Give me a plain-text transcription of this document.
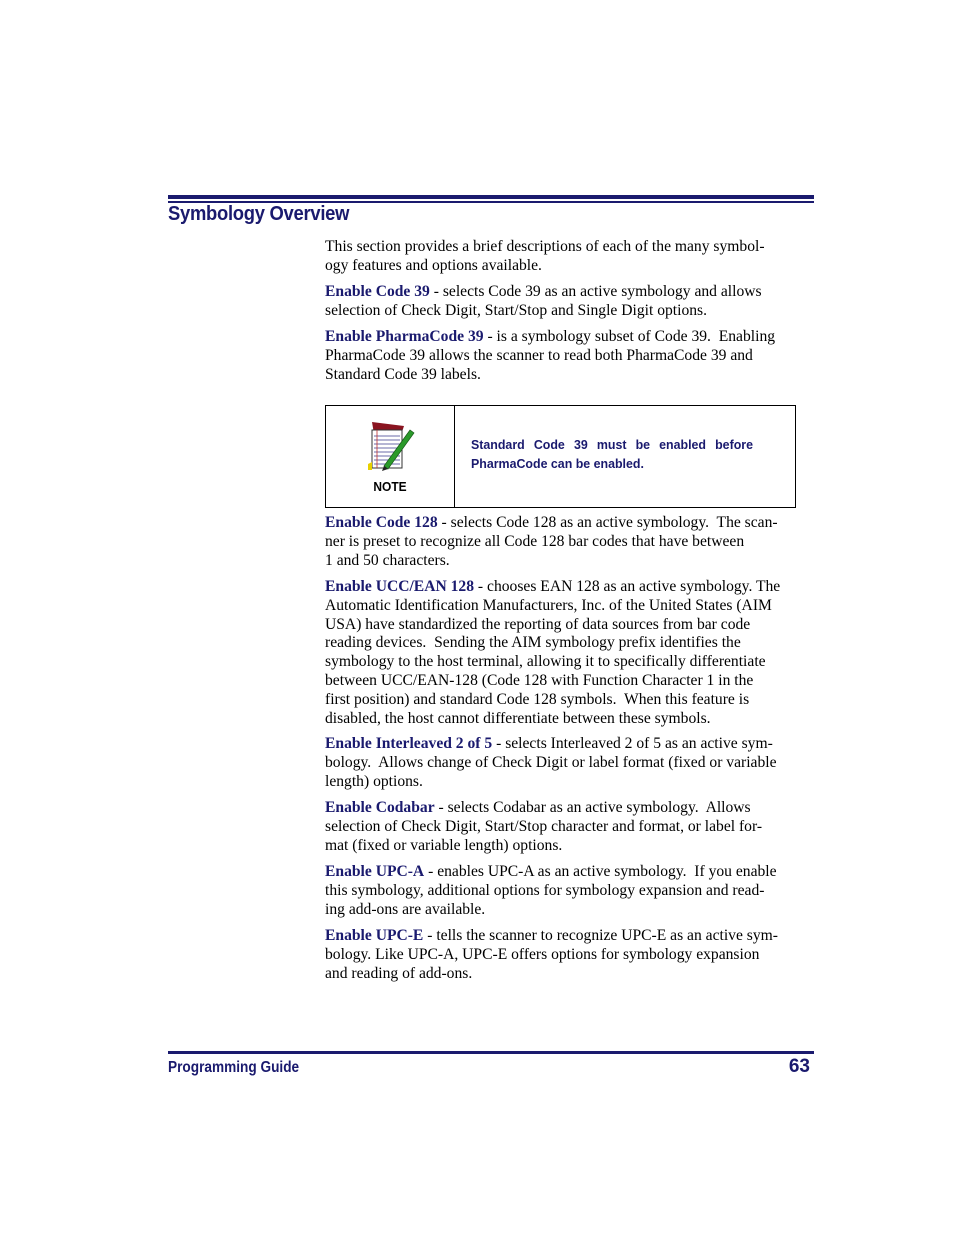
Symbology Overview

This section provides a brief descriptions of each of the many symbol-
ogy features and options available.

Enable Code 39 - selects Code 39 as an active symbology and allows
selection of Check Digit, Start/Stop and Single Digit options.

Enable PharmaCode 39 - is a symbology subset of Code 39.  Enabling
PharmaCode 39 allows the scanner to read both PharmaCode 39 and
Standard Code 39 labels.

NOTE

Standard Code 39 must be enabled before PharmaCode can be enabled.

Enable Code 128 - selects Code 128 as an active symbology.  The scan-
ner is preset to recognize all Code 128 bar codes that have between
1 and 50 characters.

Enable UCC/EAN 128 - chooses EAN 128 as an active symbology. The
Automatic Identification Manufacturers, Inc. of the United States (AIM
USA) have standardized the reporting of data sources from bar code
reading devices.  Sending the AIM symbology prefix identifies the
symbology to the host terminal, allowing it to specifically differentiate
between UCC/EAN-128 (Code 128 with Function Character 1 in the
first position) and standard Code 128 symbols.  When this feature is
disabled, the host cannot differentiate between these symbols.

Enable Interleaved 2 of 5 - selects Interleaved 2 of 5 as an active sym-
bology.  Allows change of Check Digit or label format (fixed or variable
length) options.

Enable Codabar - selects Codabar as an active symbology.  Allows
selection of Check Digit, Start/Stop character and format, or label for-
mat (fixed or variable length) options.

Enable UPC-A - enables UPC-A as an active symbology.  If you enable
this symbology, additional options for symbology expansion and read-
ing add-ons are available.

Enable UPC-E - tells the scanner to recognize UPC-E as an active sym-
bology. Like UPC-A, UPC-E offers options for symbology expansion
and reading of add-ons.

Programming Guide	63
